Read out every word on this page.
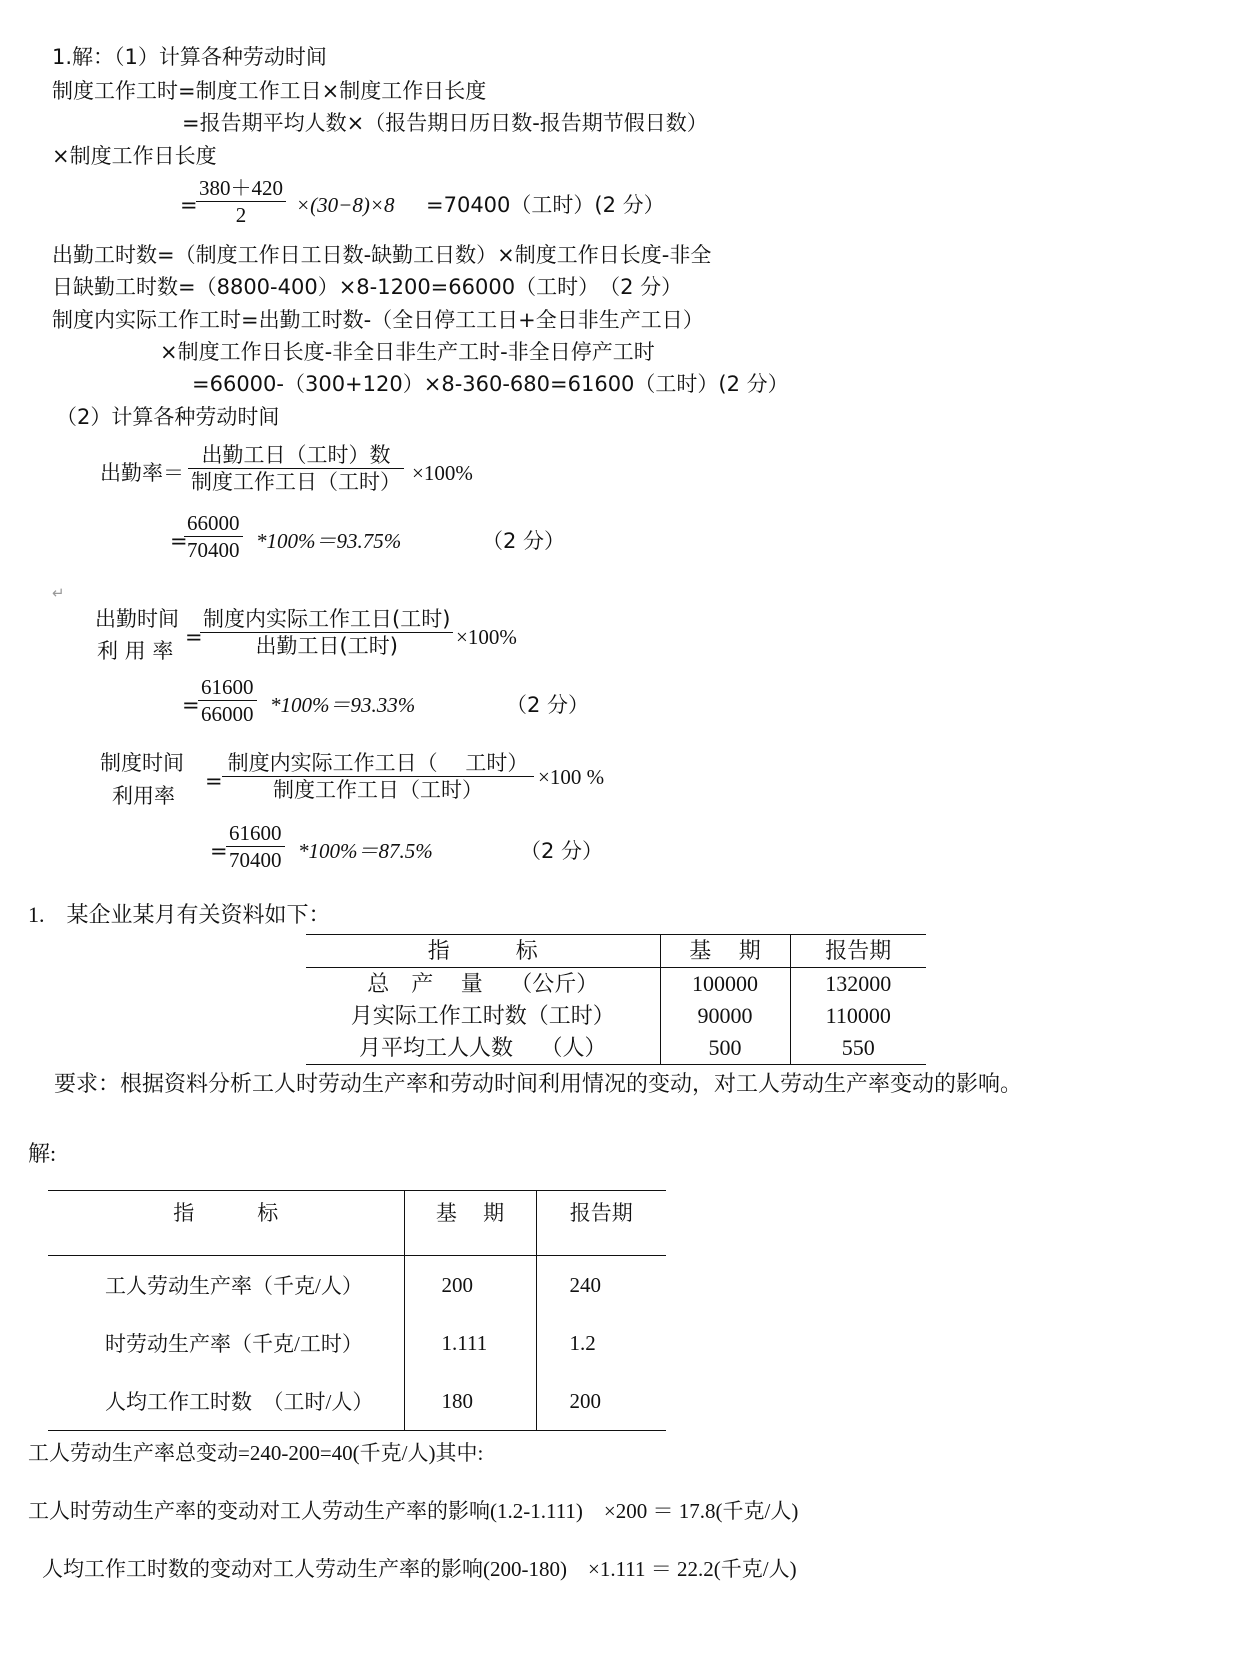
1.解：（1）计算各种劳动时间
制度工作工时=制度工作工日×制度工作日长度
=报告期平均人数×（报告期日历日数-报告期节假日数）
×制度工作日长度
=
380＋420
2 ×(30−8)×8 =70400（工时）(2 分）
出勤工时数=（制度工作日工日数-缺勤工日数）×制度工作日长度-非全
日缺勤工时数=（8800-400）×8-1200=66000（工时）　（2 分）
制度内实际工作工时=出勤工时数-（全日停工工日+全日非生产工日）
×制度工作日长度-非全日非生产工时-非全日停产工时
=66000-（300+120）×8-360-680=61600（工时）(2 分）
（2）计算各种劳动时间
出勤率＝
出勤工日（工时）数
制度工作工日（工时） ×100%
=
66000
70400 *100%＝93.75%	（2 分）
↵
出勤时间
利 用 率
=
制度内实际工作工日(工时)
出勤工日(工时)	×100%
=
61600
66000 *100%＝93.33%	（2 分）
制度时间
利用率
=
制度内实际工作工日（　 工时）
制度工作工日（工时）
×100 %
=
61600
70400 *100%＝87.5%	（2 分）
1.　某企业某月有关资料如下：
指　　　标	基　 期	报告期
总　产　 量　 （公斤）	100000	132000
月实际工作工时数（工时）	90000	110000
月平均工人人数　 （人）	500	550
要求：根据资料分析工人时劳动生产率和劳动时间利用情况的变动，对工人劳动生产率变动的影响。
解:
指　　　标	基　 期	报告期
工人劳动生产率（千克/人）	200	240
时劳动生产率（千克/工时）	1.111	1.2
人均工作工时数　（工时/人）	180	200
工人劳动生产率总变动=240-200=40(千克/人)其中:
工人时劳动生产率的变动对工人劳动生产率的影响(1.2-1.111)　×200 ＝ 17.8(千克/人)
人均工作工时数的变动对工人劳动生产率的影响(200-180)　×1.111 ＝ 22.2(千克/人)
